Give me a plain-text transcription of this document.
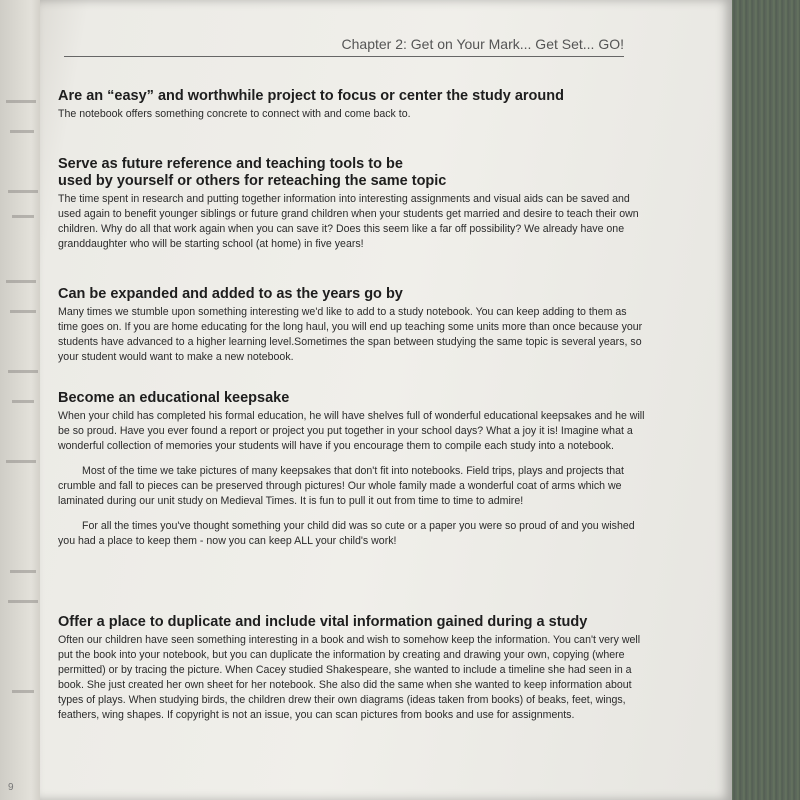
9
Chapter 2: Get on Your Mark... Get Set... GO!
Are an “easy” and worthwhile project to focus or center the study around

The notebook offers something concrete to connect with and come back to.

Serve as future reference and teaching tools to be
used by yourself or others for reteaching the same topic

The time spent in research and putting together information into interesting assignments and visual aids can be saved and used again to benefit younger siblings or future grand children when your students get married and desire to teach their own children. Why do all that work again when you can save it? Does this seem like a far off possibility? We already have one granddaughter who will be starting school (at home) in five years!

Can be expanded and added to as the years go by

Many times we stumble upon something interesting we'd like to add to a study notebook. You can keep adding to them as time goes on. If you are home educating for the long haul, you will end up teaching some units more than once because your students have advanced to a higher learning level.Sometimes the span between studying the same topic is several years, so your student would want to make a new notebook.

Become an educational keepsake

When your child has completed his formal education, he will have shelves full of wonderful educational keepsakes and he will be so proud. Have you ever found a report or project you put together in your school days? What a joy it is! Imagine what a wonderful collection of memories your students will have if you encourage them to compile each study into a notebook.

Most of the time we take pictures of many keepsakes that don't fit into notebooks. Field trips, plays and projects that crumble and fall to pieces can be preserved through pictures! Our whole family made a wonderful coat of arms which we laminated during our unit study on Medieval Times. It is fun to pull it out from time to time to admire!

For all the times you've thought something your child did was so cute or a paper you were so proud of and you wished you had a place to keep them - now you can keep ALL your child's work!

Offer a place to duplicate and include vital information gained during a study

Often our children have seen something interesting in a book and wish to somehow keep the information. You can't very well put the book into your notebook, but you can duplicate the information by creating and drawing your own, copying (where permitted) or by tracing the picture. When Cacey studied Shakespeare, she wanted to include a timeline she had seen in a book. She just created her own sheet for her notebook. She also did the same when she wanted to keep information about types of plays. When studying birds, the children drew their own diagrams (ideas taken from books) of beaks, feet, wings, feathers, wing shapes. If copyright is not an issue, you can scan pictures from books and use for assignments.
